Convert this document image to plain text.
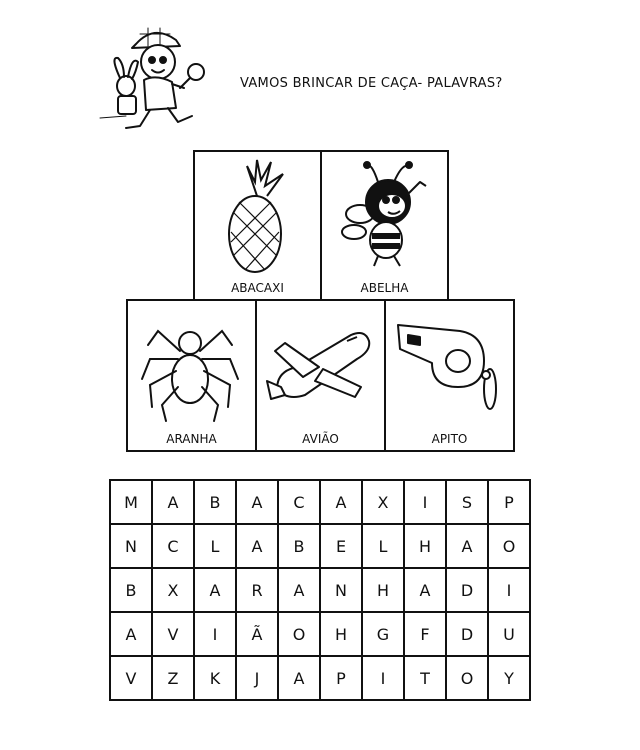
VAMOS BRINCAR DE CAÇA- PALAVRAS?
ABACAXI	ABELHA
ARANHA	AVIÃO	APITO
M	A	B	A	C	A	X	I	S	P
N	C	L	A	B	E	L	H	A	O
B	X	A	R	A	N	H	A	D	I
A	V	I	Ã	O	H	G	F	D	U
V	Z	K	J	A	P	I	T	O	Y
